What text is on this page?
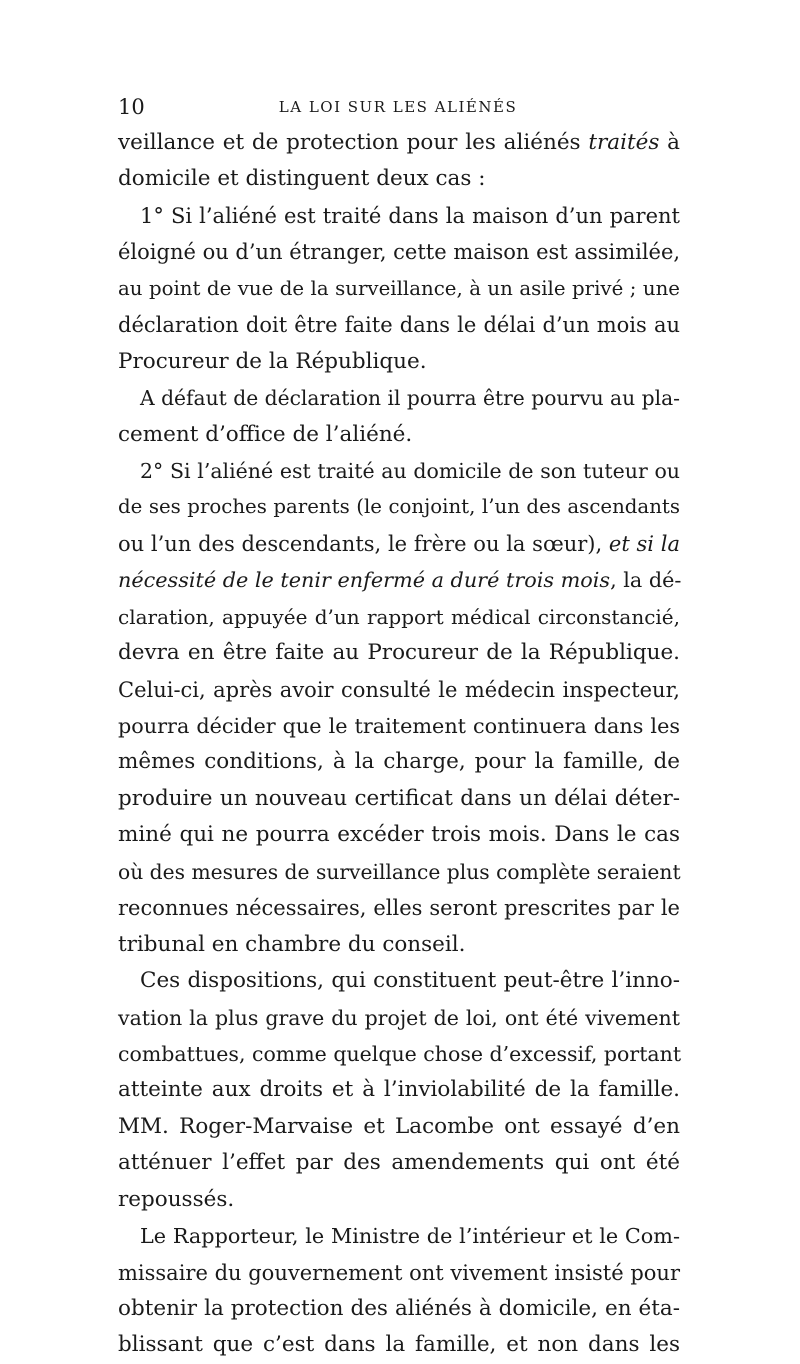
10	LA LOI SUR LES ALIÉNÉS
veillance et de protection pour les aliénés traités à
domicile et distinguent deux cas :
1° Si l’aliéné est traité dans la maison d’un parent
éloigné ou d’un étranger, cette maison est assimilée,
au point de vue de la surveillance, à un asile privé ; une
déclaration doit être faite dans le délai d’un mois au
Procureur de la République.
A défaut de déclaration il pourra être pourvu au pla-
cement d’office de l’aliéné.
2° Si l’aliéné est traité au domicile de son tuteur ou
de ses proches parents (le conjoint, l’un des ascendants
ou l’un des descendants, le frère ou la sœur), et si la
nécessité de le tenir enfermé a duré trois mois, la dé-
claration, appuyée d’un rapport médical circonstancié,
devra en être faite au Procureur de la République.
Celui-ci, après avoir consulté le médecin inspecteur,
pourra décider que le traitement continuera dans les
mêmes conditions, à la charge, pour la famille, de
produire un nouveau certificat dans un délai déter-
miné qui ne pourra excéder trois mois. Dans le cas
où des mesures de surveillance plus complète seraient
reconnues nécessaires, elles seront prescrites par le
tribunal en chambre du conseil.
Ces dispositions, qui constituent peut-être l’inno-
vation la plus grave du projet de loi, ont été vivement
combattues, comme quelque chose d’excessif, portant
atteinte aux droits et à l’inviolabilité de la famille.
MM. Roger-Marvaise et Lacombe ont essayé d’en
atténuer l’effet par des amendements qui ont été
repoussés.
Le Rapporteur, le Ministre de l’intérieur et le Com-
missaire du gouvernement ont vivement insisté pour
obtenir la protection des aliénés à domicile, en éta-
blissant que c’est dans la famille, et non dans les
